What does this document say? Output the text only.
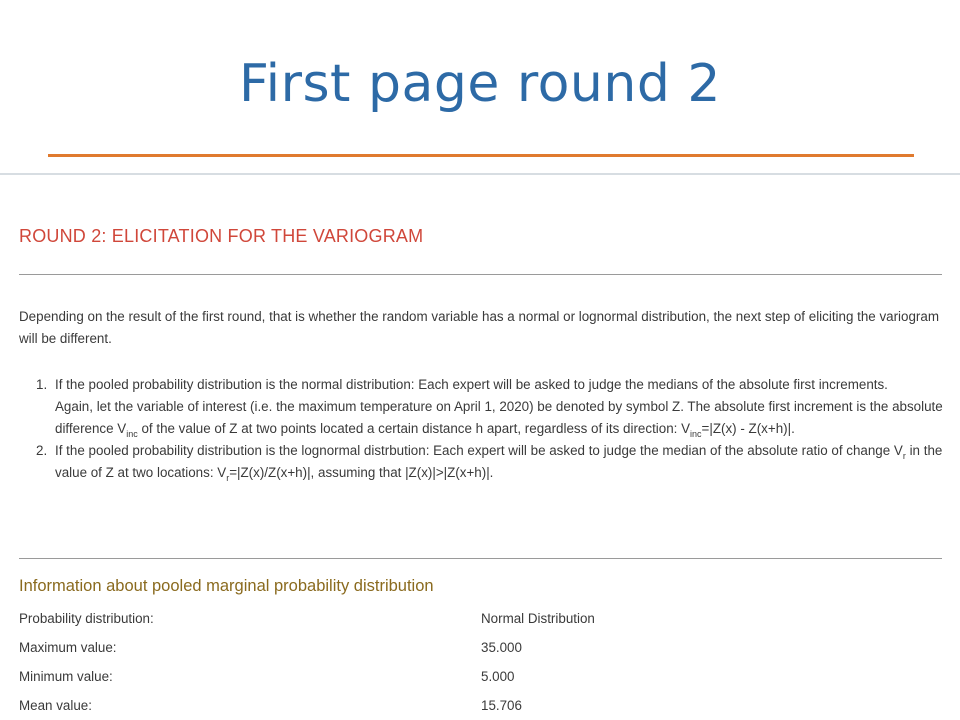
First page round 2
ROUND 2: ELICITATION FOR THE VARIOGRAM

Depending on the result of the first round, that is whether the random variable has a normal or lognormal distribution, the next step of eliciting the variogram will be different.

1. If the pooled probability distribution is the normal distribution: Each expert will be asked to judge the medians of the absolute first increments.
Again, let the variable of interest (i.e. the maximum temperature on April 1, 2020) be denoted by symbol Z. The absolute first increment is the absolute difference $V_{inc}$ of the value of Z at two points located a certain distance h apart, regardless of its direction: $V_{inc}=|Z(x) - Z(x+h)|$.
2. If the pooled probability distribution is the lognormal distrbution: Each expert will be asked to judge the median of the absolute ratio of change $V_r$ in the value of Z at two locations: $V_r=|Z(x)/Z(x+h)|$, assuming that |Z(x)|>|Z(x+h)|.
Information about pooled marginal probability distribution
Probability distribution:	Normal Distribution
Maximum value:	35.000
Minimum value:	5.000
Mean value:	15.706
